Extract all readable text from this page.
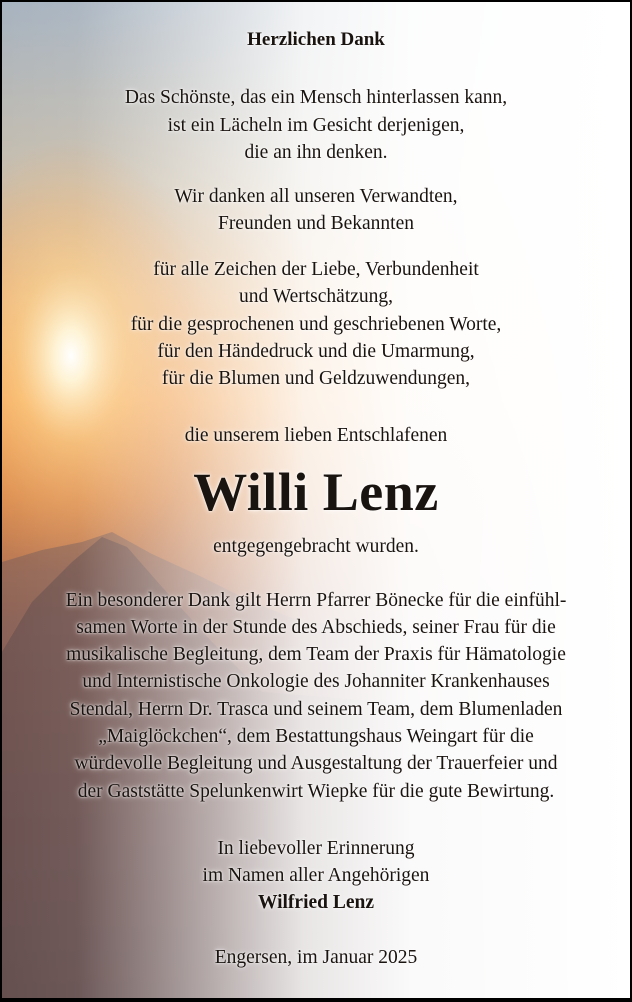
Herzlichen Dank
Das Schönste, das ein Mensch hinterlassen kann,
ist ein Lächeln im Gesicht derjenigen,
die an ihn denken.
Wir danken all unseren Verwandten,
Freunden und Bekannten
für alle Zeichen der Liebe, Verbundenheit
und Wertschätzung,
für die gesprochenen und geschriebenen Worte,
für den Händedruck und die Umarmung,
für die Blumen und Geldzuwendungen,
die unserem lieben Entschlafenen
Willi Lenz
entgegengebracht wurden.
Ein besonderer Dank gilt Herrn Pfarrer Bönecke für die einfühl-
samen Worte in der Stunde des Abschieds, seiner Frau für die
musikalische Begleitung, dem Team der Praxis für Hämatologie
und Internistische Onkologie des Johanniter Krankenhauses
Stendal, Herrn Dr. Trasca und seinem Team, dem Blumenladen
„Maiglöckchen“, dem Bestattungshaus Weingart für die
würdevolle Begleitung und Ausgestaltung der Trauerfeier und
der Gaststätte Spelunkenwirt Wiepke für die gute Bewirtung.
In liebevoller Erinnerung
im Namen aller Angehörigen
Wilfried Lenz
Engersen, im Januar 2025
